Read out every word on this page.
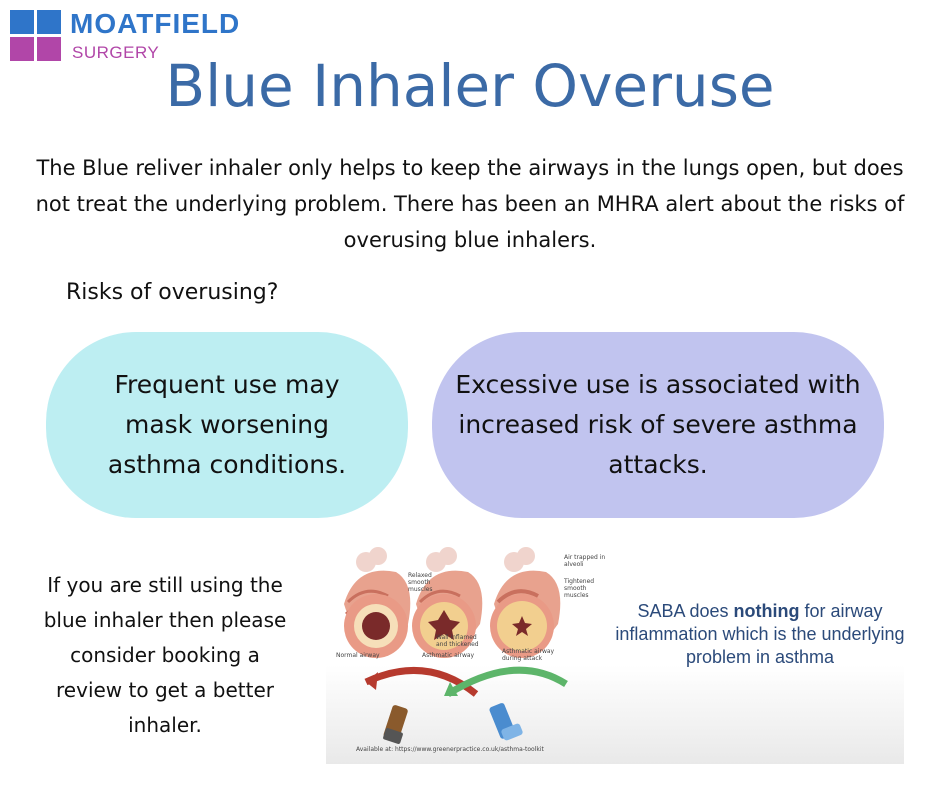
MOATFIELD
SURGERY Blue Inhaler Overuse
The Blue reliver inhaler only helps to keep the airways in the lungs open, but does not treat the underlying problem. There has been an MHRA alert about the risks of overusing blue inhalers.
Risks of overusing?
Frequent use may mask worsening asthma conditions.
Excessive use is associated with increased risk of severe asthma attacks.
If you are still using the blue inhaler then please consider booking a review to get a better inhaler.
Normal airway	Asthmatic airway
Asthmatic airway during attack
Relaxed smooth muscles
Wall inflamed and thickened
Air trapped in alveoli
Tightened smooth muscles
Available at: https://www.greenerpractice.co.uk/asthma-toolkit
SABA does nothing for airway inflammation which is the underlying problem in asthma
